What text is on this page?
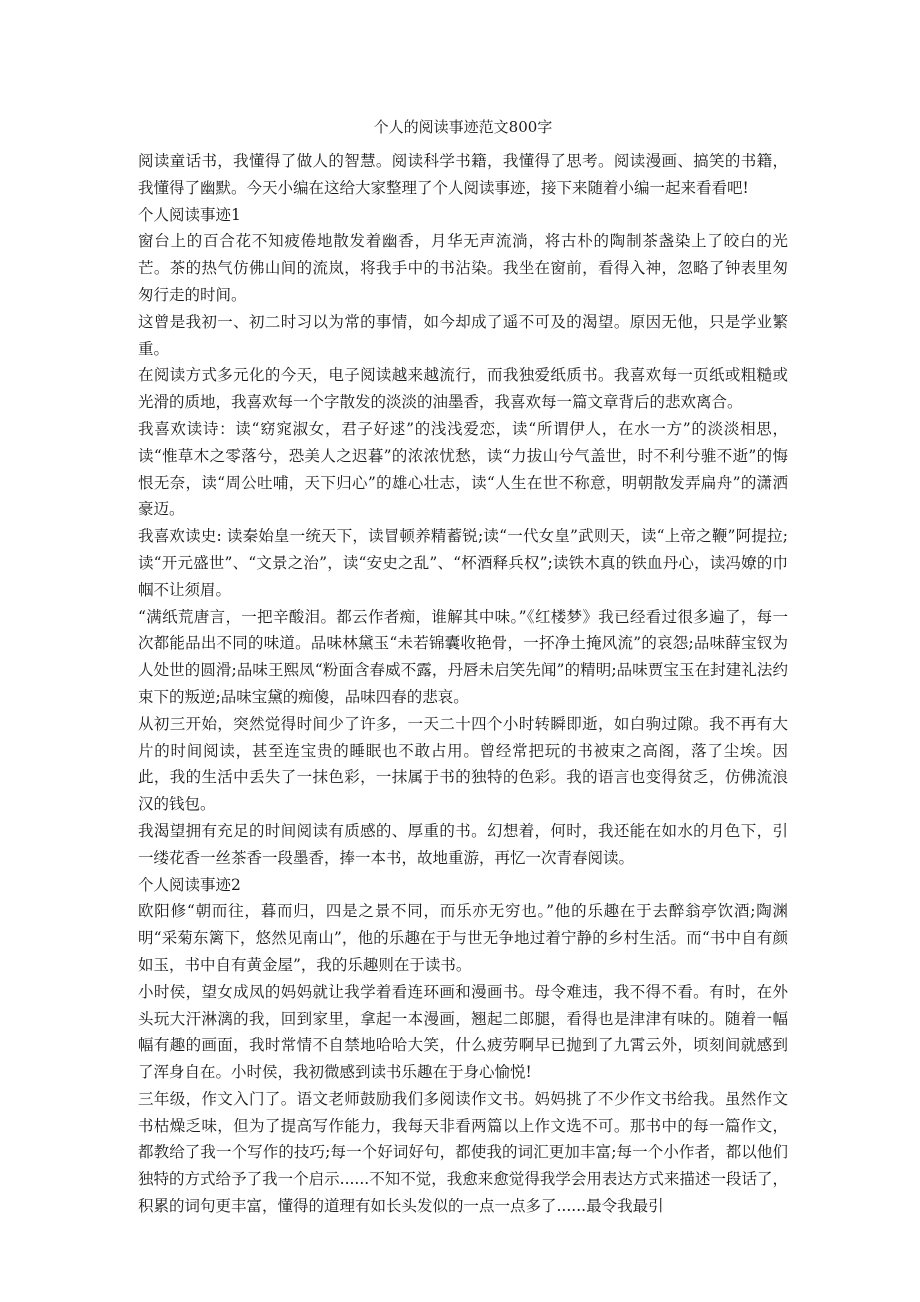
个人的阅读事迹范文800字

阅读童话书，我懂得了做人的智慧。阅读科学书籍，我懂得了思考。阅读漫画、搞笑的书籍，我懂得了幽默。今天小编在这给大家整理了个人阅读事迹，接下来随着小编一起来看看吧!

个人阅读事迹1

窗台上的百合花不知疲倦地散发着幽香，月华无声流淌，将古朴的陶制茶盏染上了皎白的光芒。茶的热气仿佛山间的流岚，将我手中的书沾染。我坐在窗前，看得入神，忽略了钟表里匆匆行走的时间。

这曾是我初一、初二时习以为常的事情，如今却成了遥不可及的渴望。原因无他，只是学业繁重。

在阅读方式多元化的今天，电子阅读越来越流行，而我独爱纸质书。我喜欢每一页纸或粗糙或光滑的质地，我喜欢每一个字散发的淡淡的油墨香，我喜欢每一篇文章背后的悲欢离合。

我喜欢读诗：读“窈窕淑女，君子好逑”的浅浅爱恋，读“所谓伊人，在水一方”的淡淡相思，读“惟草木之零落兮，恐美人之迟暮”的浓浓忧愁，读“力拔山兮气盖世，时不利兮骓不逝”的悔恨无奈，读“周公吐哺，天下归心”的雄心壮志，读“人生在世不称意，明朝散发弄扁舟”的潇洒豪迈。

我喜欢读史: 读秦始皇一统天下，读冒顿养精蓄锐;读“一代女皇”武则天，读“上帝之鞭”阿提拉;读“开元盛世”、“文景之治”，读“安史之乱”、“杯酒释兵权”;读铁木真的铁血丹心，读冯嫽的巾帼不让须眉。

“满纸荒唐言，一把辛酸泪。都云作者痴，谁解其中味。”《红楼梦》我已经看过很多遍了，每一次都能品出不同的味道。品味林黛玉“未若锦囊收艳骨，一抔净土掩风流”的哀怨;品味薛宝钗为人处世的圆滑;品味王熙凤“粉面含春威不露，丹唇未启笑先闻”的精明;品味贾宝玉在封建礼法约束下的叛逆;品味宝黛的痴傻，品味四春的悲哀。

从初三开始，突然觉得时间少了许多，一天二十四个小时转瞬即逝，如白驹过隙。我不再有大片的时间阅读，甚至连宝贵的睡眠也不敢占用。曾经常把玩的书被束之高阁，落了尘埃。因此，我的生活中丢失了一抹色彩，一抹属于书的独特的色彩。我的语言也变得贫乏，仿佛流浪汉的钱包。

我渴望拥有充足的时间阅读有质感的、厚重的书。幻想着，何时，我还能在如水的月色下，引一缕花香一丝茶香一段墨香，捧一本书，故地重游，再忆一次青春阅读。

个人阅读事迹2

欧阳修“朝而往，暮而归，四是之景不同，而乐亦无穷也。”他的乐趣在于去醉翁亭饮酒;陶渊明“采菊东篱下，悠然见南山”，他的乐趣在于与世无争地过着宁静的乡村生活。而“书中自有颜如玉，书中自有黄金屋”，我的乐趣则在于读书。

小时侯，望女成凤的妈妈就让我学着看连环画和漫画书。母令难违，我不得不看。有时，在外头玩大汗淋漓的我，回到家里，拿起一本漫画，翘起二郎腿，看得也是津津有味的。随着一幅幅有趣的画面，我时常情不自禁地哈哈大笑，什么疲劳啊早已抛到了九霄云外，顷刻间就感到了浑身自在。小时侯，我初微感到读书乐趣在于身心愉悦!

三年级，作文入门了。语文老师鼓励我们多阅读作文书。妈妈挑了不少作文书给我。虽然作文书枯燥乏味，但为了提高写作能力，我每天非看两篇以上作文选不可。那书中的每一篇作文，都教给了我一个写作的技巧;每一个好词好句，都使我的词汇更加丰富;每一个小作者，都以他们独特的方式给予了我一个启示......不知不觉，我愈来愈觉得我学会用表达方式来描述一段话了，积累的词句更丰富，懂得的道理有如长头发似的一点一点多了......最令我最引
